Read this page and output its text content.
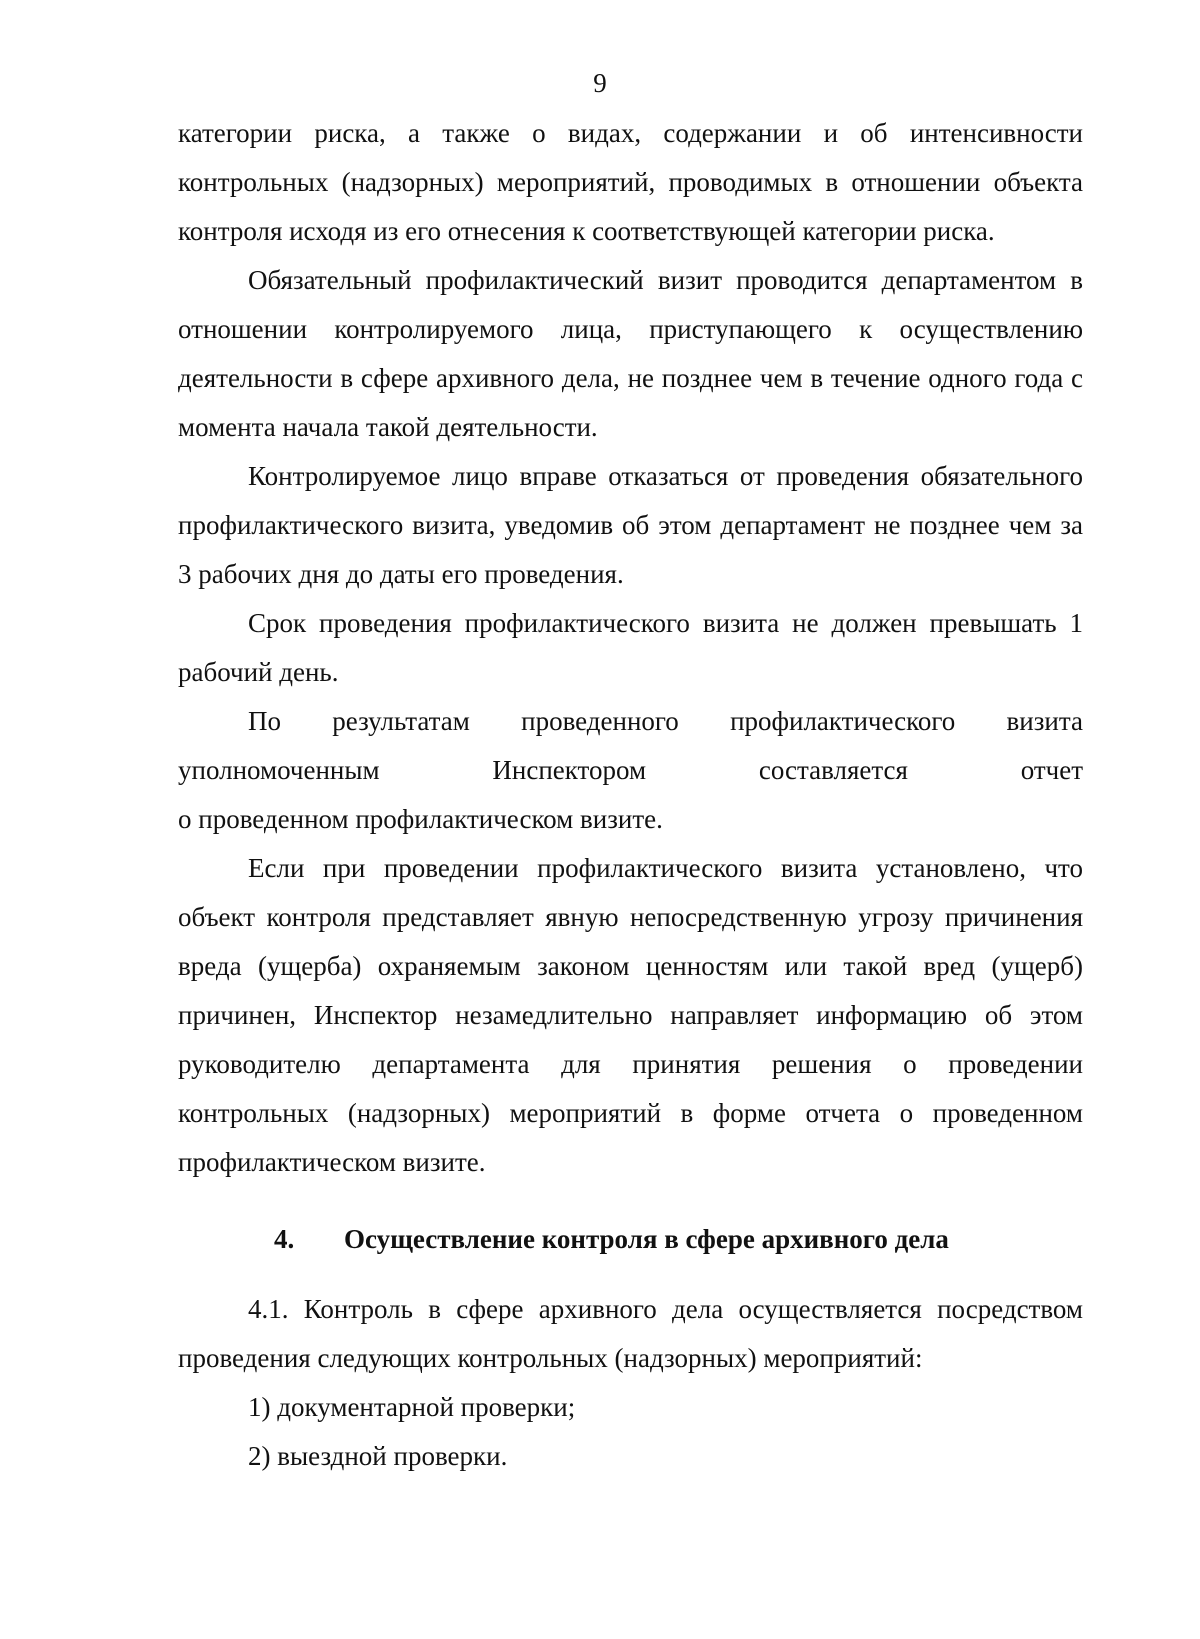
9

категории риска, а также о видах, содержании и об интенсивности контрольных (надзорных) мероприятий, проводимых в отношении объекта контроля исходя из его отнесения к соответствующей категории риска.

Обязательный профилактический визит проводится департаментом в отношении контролируемого лица, приступающего к осуществлению деятельности в сфере архивного дела, не позднее чем в течение одного года с момента начала такой деятельности.

Контролируемое лицо вправе отказаться от проведения обязательного профилактического визита, уведомив об этом департамент не позднее чем за 3 рабочих дня до даты его проведения.

Срок проведения профилактического визита не должен превышать 1 рабочий день.

По результатам проведенного профилактического визита
уполномоченным Инспектором составляется отчет
о проведенном профилактическом визите.

Если при проведении профилактического визита установлено, что объект контроля представляет явную непосредственную угрозу причинения вреда (ущерба) охраняемым законом ценностям или такой вред (ущерб) причинен, Инспектор незамедлительно направляет информацию об этом руководителю департамента для принятия решения о проведении контрольных (надзорных) мероприятий в форме отчета о проведенном профилактическом визите.

4. Осуществление контроля в сфере архивного дела

4.1. Контроль в сфере архивного дела осуществляется посредством проведения следующих контрольных (надзорных) мероприятий:

1) документарной проверки;

2) выездной проверки.
